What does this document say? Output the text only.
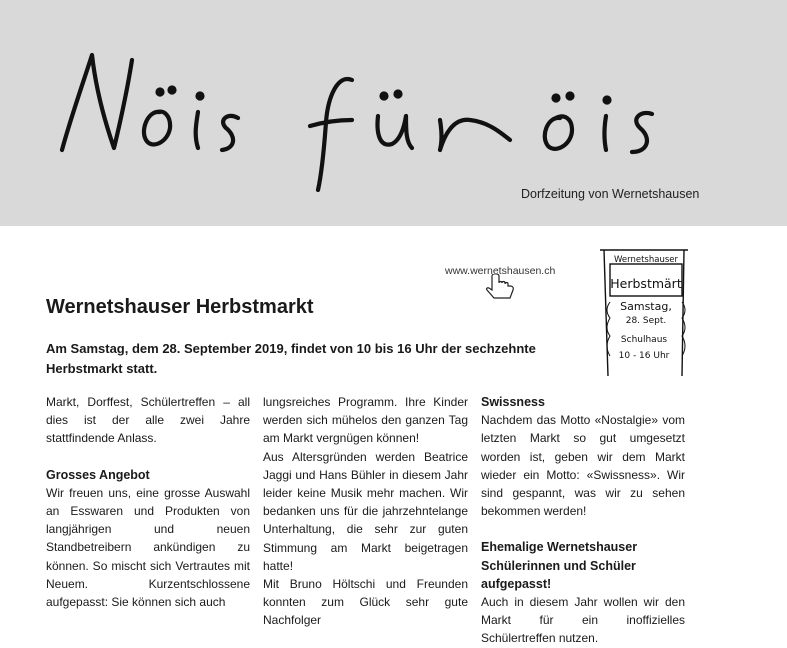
Dorfzeitung von Wernetshausen
www.wernetshausen.ch
Wernetshauser
Herbstmärt
Samstag,
28. Sept.
Schulhaus
10 - 16 Uhr
Wernetshauser Herbstmarkt

Am Samstag, dem 28. September 2019, findet von 10 bis 16 Uhr der sechzehnte Herbstmarkt statt.

Markt, Dorffest, Schülertreffen – all dies ist der alle zwei Jahre stattfindende Anlass.

Grosses Angebot

Wir freuen uns, eine grosse Auswahl an Esswaren und Produkten von langjährigen und neuen Standbetreibern ankündigen zu können. So mischt sich Vertrautes mit Neuem. Kurzentschlossene aufgepasst: Sie können sich auch

lungsreiches Programm. Ihre Kinder werden sich mühelos den ganzen Tag am Markt vergnügen können!

Aus Altersgründen werden Beatrice Jaggi und Hans Bühler in diesem Jahr leider keine Musik mehr machen. Wir bedanken uns für die jahrzehntelange Unterhaltung, die sehr zur guten Stimmung am Markt beigetragen hatte!

Mit Bruno Höltschi und Freunden konnten zum Glück sehr gute Nachfolger

Swissness

Nachdem das Motto «Nostalgie» vom letzten Markt so gut umgesetzt worden ist, geben wir dem Markt wieder ein Motto: «Swissness». Wir sind gespannt, was wir zu sehen bekommen werden!

Ehemalige Wernetshauser Schülerinnen und Schüler aufgepasst!

Auch in diesem Jahr wollen wir den Markt für ein inoffizielles Schülertreffen nutzen.
